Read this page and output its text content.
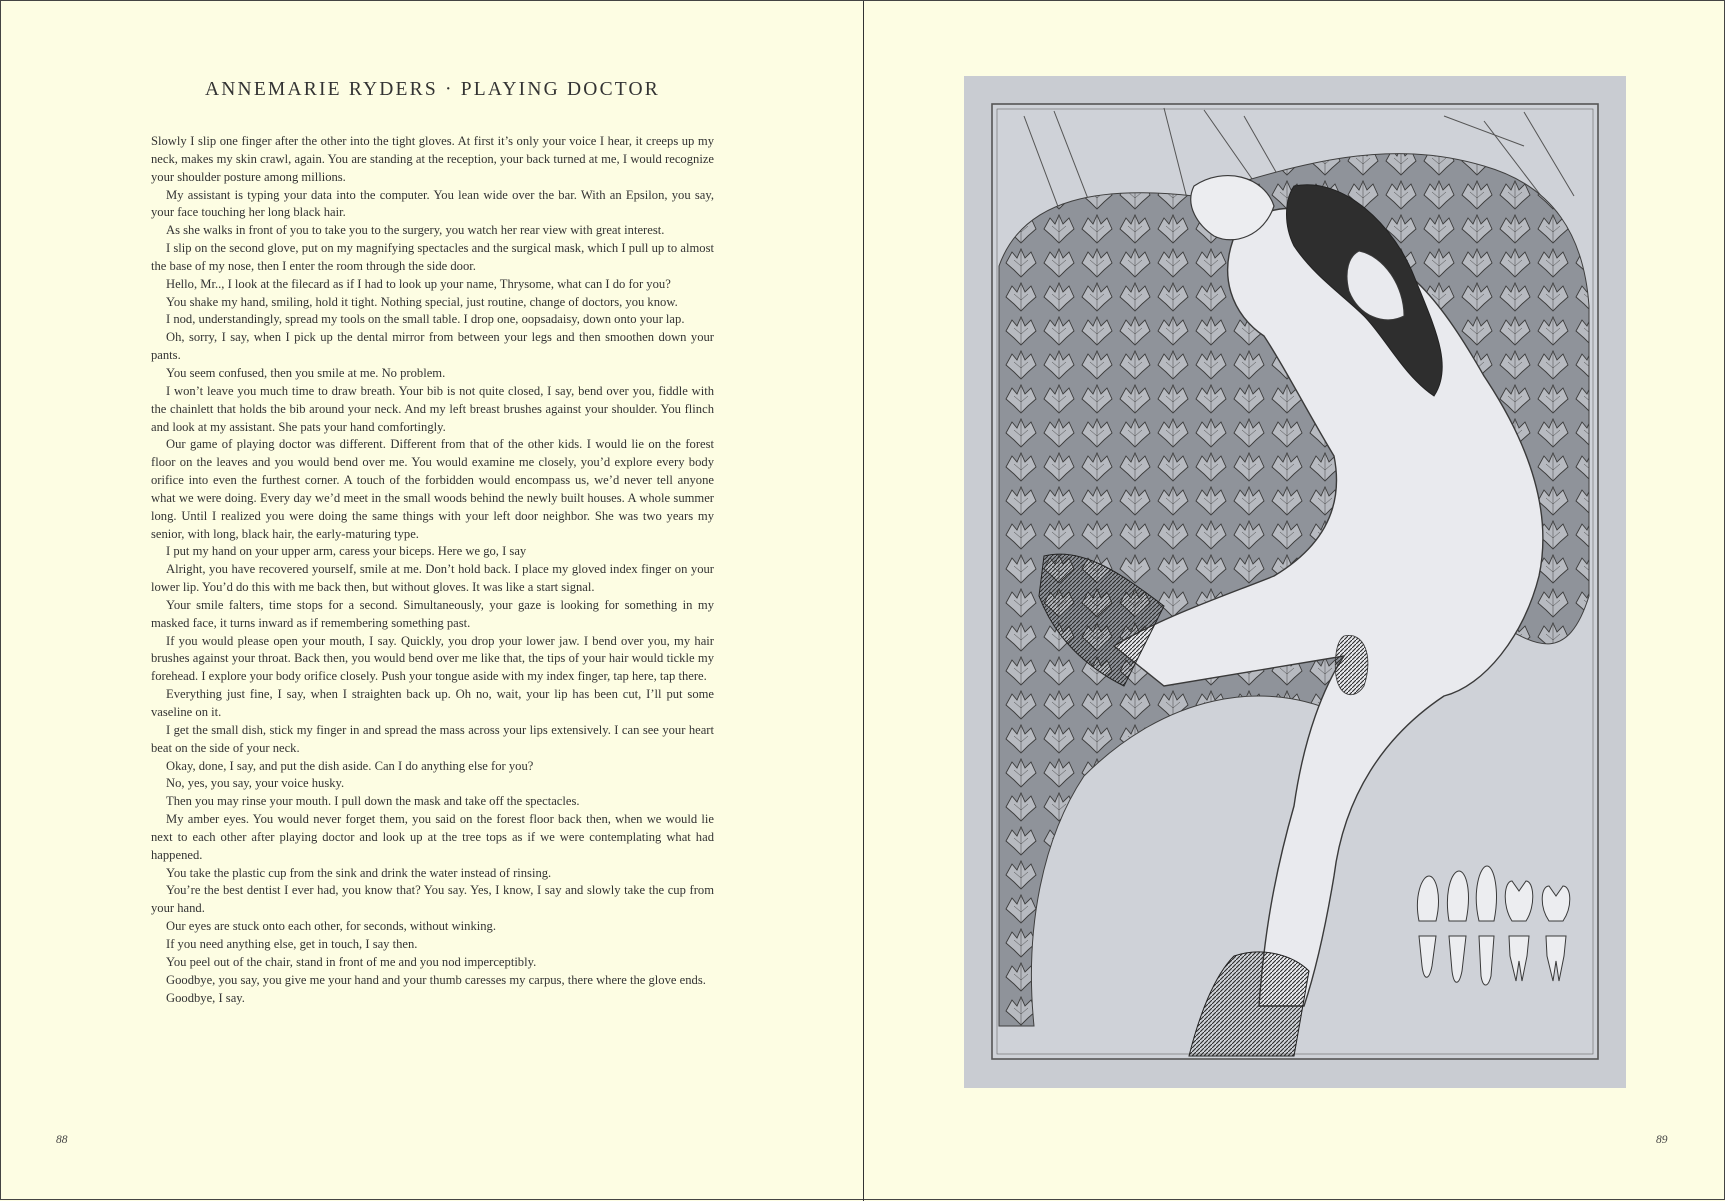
ANNEMARIE RYDERS · PLAYING DOCTOR

Slowly I slip one finger after the other into the tight gloves. At first it’s only your voice I hear, it creeps up my neck, makes my skin crawl, again. You are standing at the reception, your back turned at me, I would recognize your shoulder posture among millions.

My assistant is typing your data into the computer. You lean wide over the bar. With an Epsilon, you say, your face touching her long black hair.

As she walks in front of you to take you to the surgery, you watch her rear view with great interest.

I slip on the second glove, put on my magnifying spectacles and the surgical mask, which I pull up to almost the base of my nose, then I enter the room through the side door.

Hello, Mr.., I look at the filecard as if I had to look up your name, Thrysome, what can I do for you?

You shake my hand, smiling, hold it tight. Nothing special, just routine, change of doctors, you know.

I nod, understandingly, spread my tools on the small table. I drop one, oopsadaisy, down onto your lap.

Oh, sorry, I say, when I pick up the dental mirror from between your legs and then smoothen down your pants.

You seem confused, then you smile at me. No problem.

I won’t leave you much time to draw breath. Your bib is not quite closed, I say, bend over you, fiddle with the chainlett that holds the bib around your neck. And my left breast brushes against your shoulder. You flinch and look at my assistant. She pats your hand comfortingly.

Our game of playing doctor was different. Different from that of the other kids. I would lie on the forest floor on the leaves and you would bend over me. You would examine me closely, you’d explore every body orifice into even the furthest corner. A touch of the forbidden would encompass us, we’d never tell anyone what we were doing. Every day we’d meet in the small woods behind the newly built houses. A whole summer long. Until I realized you were doing the same things with your left door neighbor. She was two years my senior, with long, black hair, the early-maturing type.

I put my hand on your upper arm, caress your biceps. Here we go, I say

Alright, you have recovered yourself, smile at me. Don’t hold back. I place my gloved index finger on your lower lip. You’d do this with me back then, but without gloves. It was like a start signal.

Your smile falters, time stops for a second. Simultaneously, your gaze is looking for something in my masked face, it turns inward as if remembering something past.

If you would please open your mouth, I say. Quickly, you drop your lower jaw. I bend over you, my hair brushes against your throat. Back then, you would bend over me like that, the tips of your hair would tickle my forehead. I explore your body orifice closely. Push your tongue aside with my index finger, tap here, tap there.

Everything just fine, I say, when I straighten back up. Oh no, wait, your lip has been cut, I’ll put some vaseline on it.

I get the small dish, stick my finger in and spread the mass across your lips extensively. I can see your heart beat on the side of your neck.

Okay, done, I say, and put the dish aside. Can I do anything else for you?

No, yes, you say, your voice husky.

Then you may rinse your mouth. I pull down the mask and take off the spectacles.

My amber eyes. You would never forget them, you said on the forest floor back then, when we would lie next to each other after playing doctor and look up at the tree tops as if we were contemplating what had happened.

You take the plastic cup from the sink and drink the water instead of rinsing.

You’re the best dentist I ever had, you know that? You say. Yes, I know, I say and slowly take the cup from your hand.

Our eyes are stuck onto each other, for seconds, without winking.

If you need anything else, get in touch, I say then.

You peel out of the chair, stand in front of me and you nod imperceptibly.

Goodbye, you say, you give me your hand and your thumb caresses my carpus, there where the glove ends.

Goodbye, I say.

88	89
